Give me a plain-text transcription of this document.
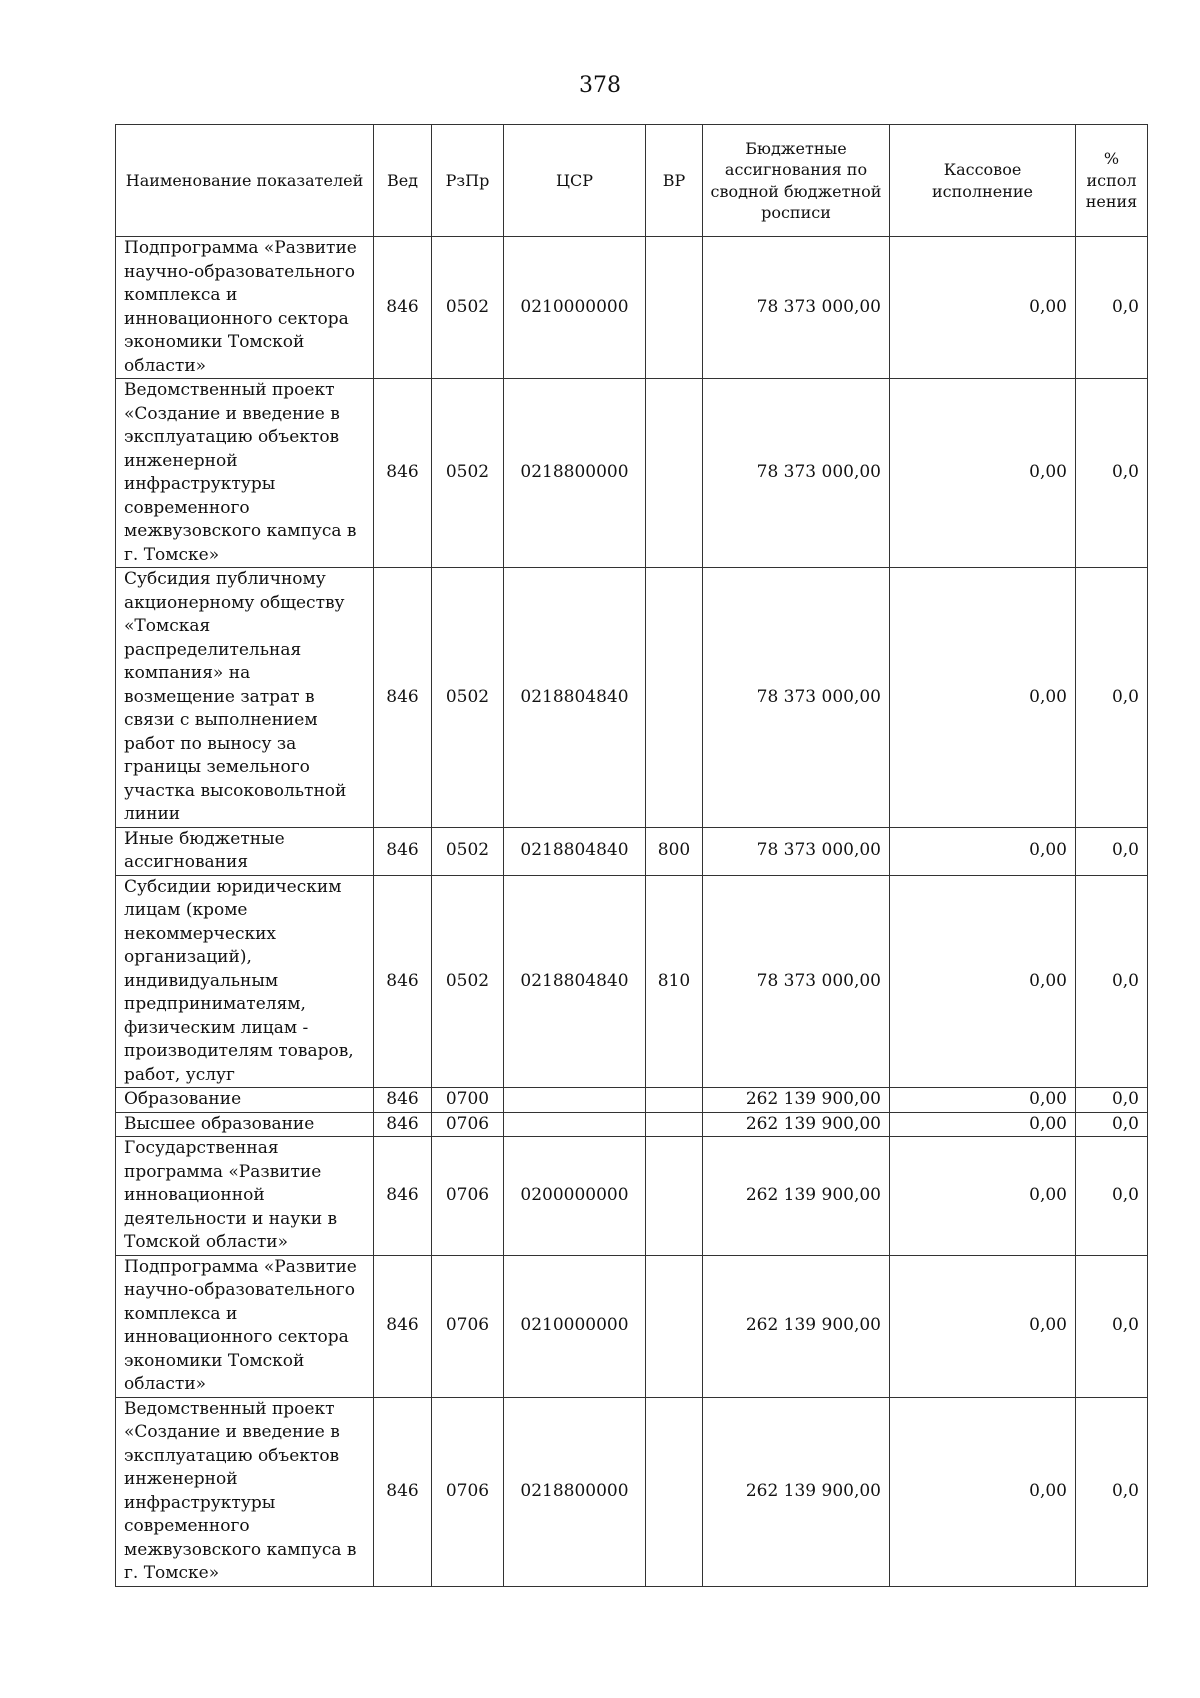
378
Наименование показателей	Вед	РзПр	ЦСР	ВР	Бюджетные ассигнования по сводной бюджетной росписи	Кассовое исполнение	% испол нения
Подпрограмма «Развитие научно-образовательного комплекса и инновационного сектора экономики Томской области»	846	0502	0210000000		78 373 000,00	0,00	0,0
Ведомственный проект «Создание и введение в эксплуатацию объектов инженерной инфраструктуры современного межвузовского кампуса в г. Томске»	846	0502	0218800000		78 373 000,00	0,00	0,0
Субсидия публичному акционерному обществу «Томская распределительная компания» на возмещение затрат в связи с выполнением работ по выносу за границы земельного участка высоковольтной линии	846	0502	0218804840		78 373 000,00	0,00	0,0
Иные бюджетные ассигнования	846	0502	0218804840	800	78 373 000,00	0,00	0,0
Субсидии юридическим лицам (кроме некоммерческих организаций), индивидуальным предпринимателям, физическим лицам - производителям товаров, работ, услуг	846	0502	0218804840	810	78 373 000,00	0,00	0,0
Образование	846	0700			262 139 900,00	0,00	0,0
Высшее образование	846	0706			262 139 900,00	0,00	0,0
Государственная программа «Развитие инновационной деятельности и науки в Томской области»	846	0706	0200000000		262 139 900,00	0,00	0,0
Подпрограмма «Развитие научно-образовательного комплекса и инновационного сектора экономики Томской области»	846	0706	0210000000		262 139 900,00	0,00	0,0
Ведомственный проект «Создание и введение в эксплуатацию объектов инженерной инфраструктуры современного межвузовского кампуса в г. Томске»	846	0706	0218800000		262 139 900,00	0,00	0,0
